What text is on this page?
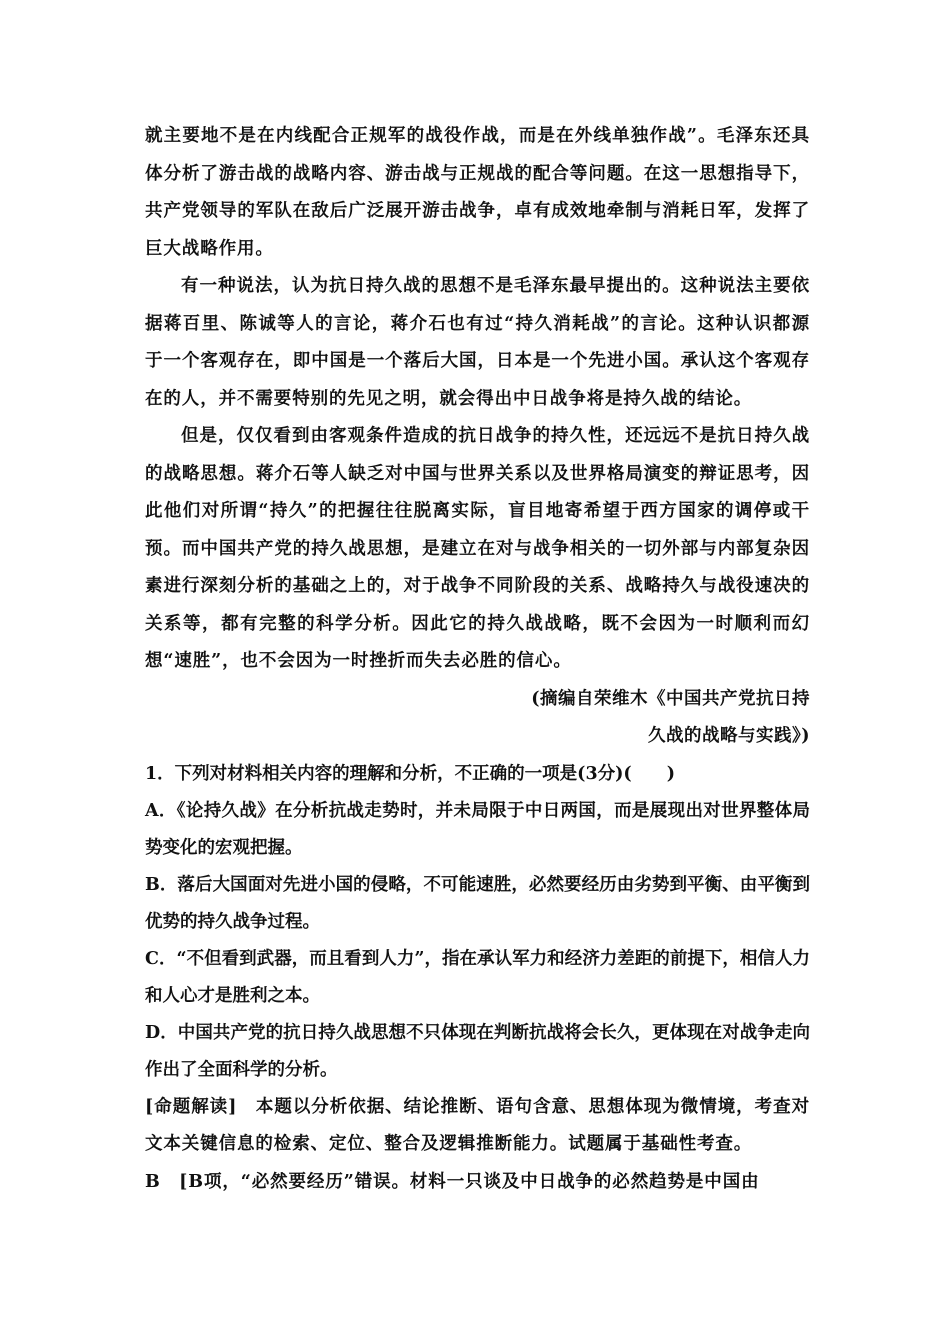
就主要地不是在内线配合正规军的战役作战，而是在外线单独作战”。毛泽东还具体分析了游击战的战略内容、游击战与正规战的配合等问题。在这一思想指导下，共产党领导的军队在敌后广泛展开游击战争，卓有成效地牵制与消耗日军，发挥了巨大战略作用。

有一种说法，认为抗日持久战的思想不是毛泽东最早提出的。这种说法主要依据蒋百里、陈诚等人的言论，蒋介石也有过“持久消耗战”的言论。这种认识都源于一个客观存在，即中国是一个落后大国，日本是一个先进小国。承认这个客观存在的人，并不需要特别的先见之明，就会得出中日战争将是持久战的结论。

但是，仅仅看到由客观条件造成的抗日战争的持久性，还远远不是抗日持久战的战略思想。蒋介石等人缺乏对中国与世界关系以及世界格局演变的辩证思考，因此他们对所谓“持久”的把握往往脱离实际，盲目地寄希望于西方国家的调停或干预。而中国共产党的持久战思想，是建立在对与战争相关的一切外部与内部复杂因素进行深刻分析的基础之上的，对于战争不同阶段的关系、战略持久与战役速决的关系等，都有完整的科学分析。因此它的持久战战略，既不会因为一时顺利而幻想“速胜”，也不会因为一时挫折而失去必胜的信心。

(摘编自荣维木《中国共产党抗日持

久战的战略与实践》)

1．下列对材料相关内容的理解和分析，不正确的一项是(3分)(　　)

A．《论持久战》在分析抗战走势时，并未局限于中日两国，而是展现出对世界整体局势变化的宏观把握。

B．落后大国面对先进小国的侵略，不可能速胜，必然要经历由劣势到平衡、由平衡到优势的持久战争过程。

C．“不但看到武器，而且看到人力”，指在承认军力和经济力差距的前提下，相信人力和人心才是胜利之本。

D．中国共产党的抗日持久战思想不只体现在判断抗战将会长久，更体现在对战争走向作出了全面科学的分析。

[命题解读]　本题以分析依据、结论推断、语句含意、思想体现为微情境，考查对文本关键信息的检索、定位、整合及逻辑推断能力。试题属于基础性考查。

B　[B项，“必然要经历”错误。材料一只谈及中日战争的必然趋势是中国由
